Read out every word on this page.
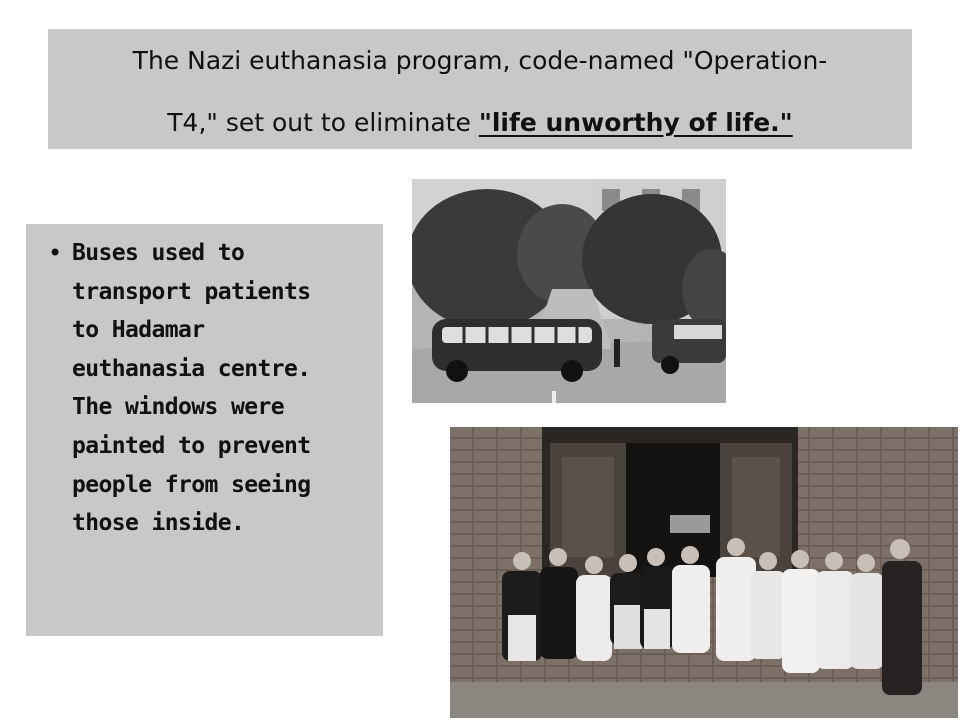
The Nazi euthanasia program, code-named "Operation-
T4," set out to eliminate "life unworthy of life."
• Buses used to
transport patients
to Hadamar
euthanasia centre.
The windows were
painted to prevent
people from seeing
those inside.
